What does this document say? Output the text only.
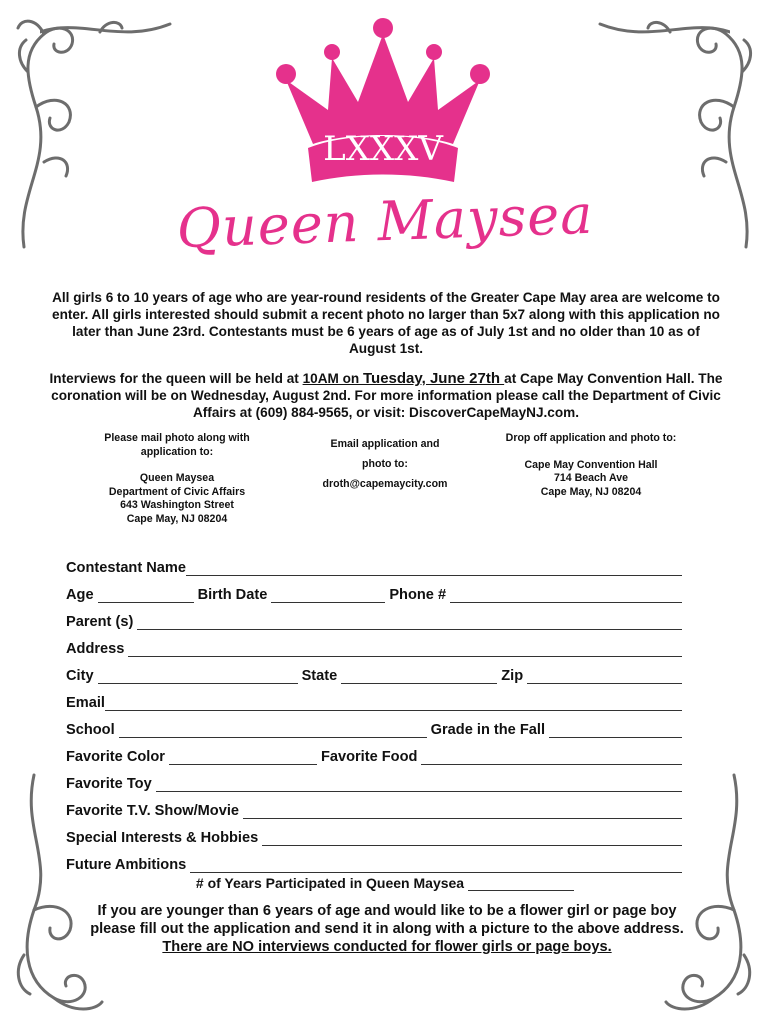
LXXXV
Queen Maysea
All girls 6 to 10 years of age who are year-round residents of the Greater Cape May area are welcome to enter. All girls interested should submit a recent photo no larger than 5x7 along with this application no later than June 23rd. Contestants must be 6 years of age as of July 1st and no older than 10 as of August 1st.
Interviews for the queen will be held at 10AM on Tuesday, June 27th at Cape May Convention Hall. The coronation will be on Wednesday, August 2nd. For more information please call the Department of Civic Affairs at (609) 884-9565, or visit: DiscoverCapeMayNJ.com.

Please mail photo along with

application to:

Queen Maysea

Department of Civic Affairs

643 Washington Street

Cape May, NJ 08204

Email application and

photo to:

droth@capemaycity.com

Drop off application and photo to:

Cape May Convention Hall

714 Beach Ave

Cape May, NJ 08204

Contestant Name
Age	Birth Date	Phone #
Parent (s)
Address
City	State	Zip
Email
School	Grade in the Fall
Favorite Color	Favorite Food
Favorite Toy
Favorite T.V. Show/Movie
Special Interests & Hobbies
Future Ambitions
# of Years Participated in Queen Maysea
If you are younger than 6 years of age and would like to be a flower girl or page boy please fill out the application and send it in along with a picture to the above address. There are NO interviews conducted for flower girls or page boys.
